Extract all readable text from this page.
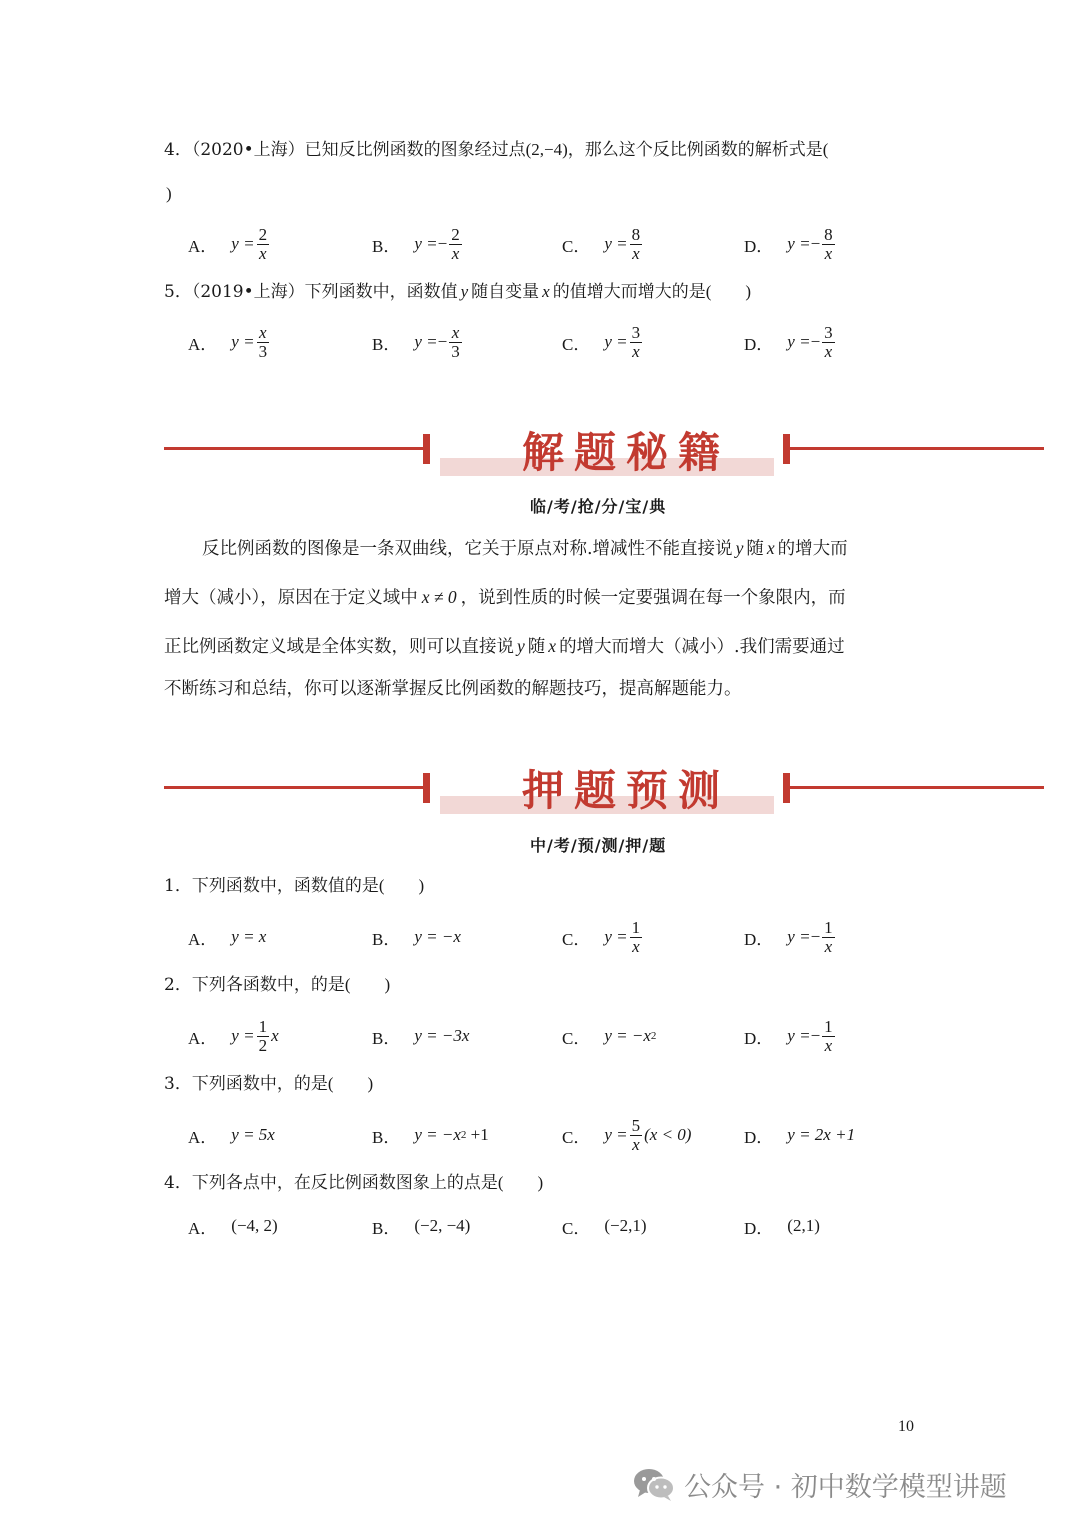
4．（2020•上海）已知反比例函数的图象经过点(2,−4)，那么这个反比例函数的解析式是(
)
A． $y = \frac{2}{x}$	B． y = − $\frac{2}{x}$	C． $y = \frac{8}{x}$	D． y = − $\frac{8}{x}$
5．（2019•上海）下列函数中，函数值 y 随自变量 x 的值增大而增大的是(        )
A． $y = \frac{x}{3}$	B． y = − $\frac{x}{3}$	C． $y = \frac{3}{x}$	D． y = − $\frac{3}{x}$
解题秘籍
临/考/抢/分/宝/典
反比例函数的图像是一条双曲线，它关于原点对称.增减性不能直接说 y 随 x 的增大而
增大（减小），原因在于定义域中 x ≠ 0 ，说到性质的时候一定要强调在每一个象限内，而
正比例函数定义域是全体实数，则可以直接说 y 随 x 的增大而增大（减小）.我们需要通过
不断练习和总结，你可以逐渐掌握反比例函数的解题技巧，提高解题能力。
押题预测
中/考/预/测/押/题
1．下列函数中，函数值的是(        )
A． y = x	B． y = −x	C． $y = \frac{1}{x}$	D． y = − $\frac{1}{x}$
2．下列各函数中，的是(        )
A． $y = \frac{1}{2}$ x	B． y = −3x	C． y = −x 2	D． y = − $\frac{1}{x}$
3．下列函数中，的是(        )
A． y = 5x	B． y = −x 2 +1	C． $y = \frac{5}{x} (x < 0)$	D． y = 2x +1
4．下列各点中，在反比例函数图象上的点是(        )
A． (−4, 2)	B． (−2, −4)	C． (−2,1)	D． (2,1)
10
公众号 · 初中数学模型讲题
